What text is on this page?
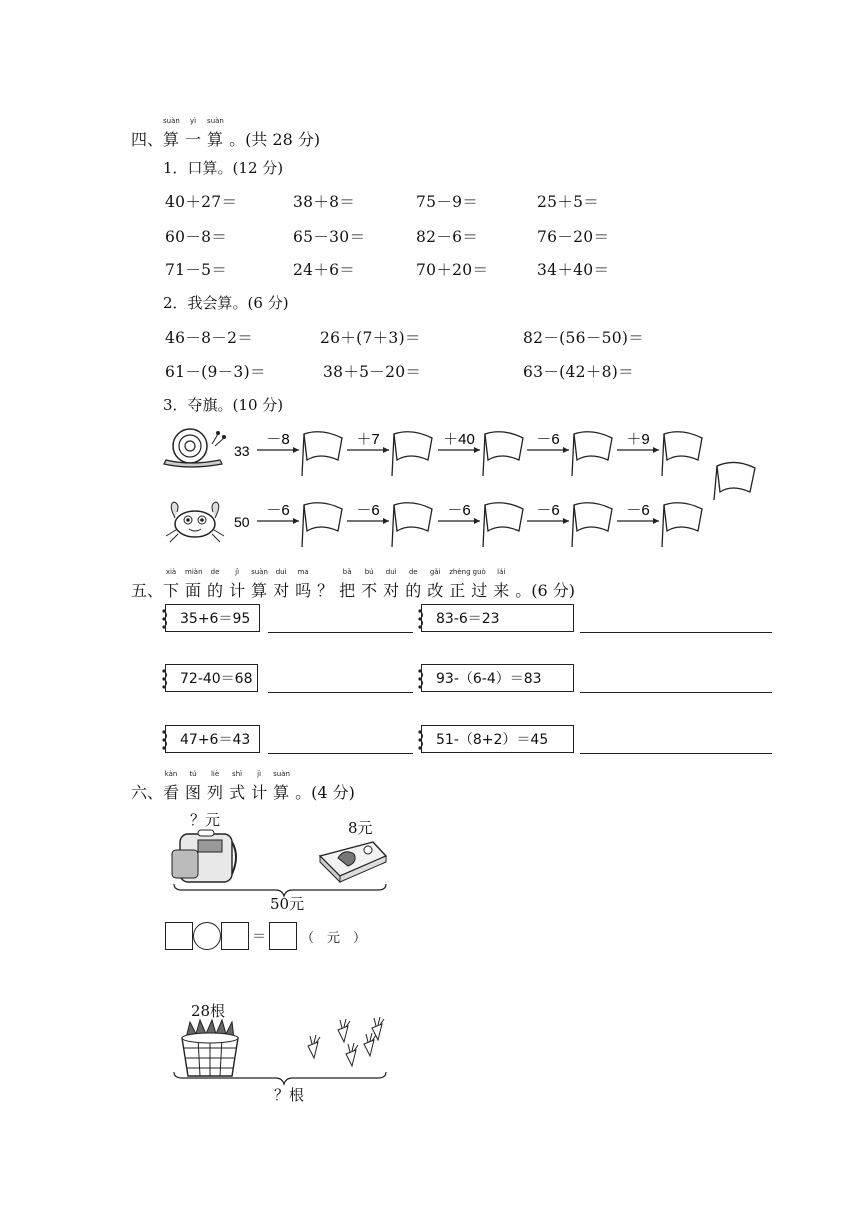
四、
suàn
算
yì
一
suàn
算 。(共 28 分)
1．口算。(12 分)
40＋27＝	38＋8＝	75－9＝	25＋5＝
60－8＝	65－30＝	82－6＝	76－20＝
71－5＝	24＋6＝	70＋20＝	34＋40＝
2．我会算。(6 分)
46－8－2＝	26＋(7＋3)＝	82－(56－50)＝
61－(9－3)＝	38＋5－20＝	63－(42＋8)＝
3．夺旗。(10 分)
33
－8	＋7	＋40	－6	＋9
50
－6	－6	－6	－6	－6
五、
xià
下
miàn
面
de
的
jì
计
suàn
算
duì
对
ma
吗 ？
bǎ
把
bú
不
duì
对
de
的
gǎi
改
zhèng
正
guò
过
lái
来 。(6 分)
35+6＝95	83-6＝23
72-40＝68	93-（6-4）＝83
47+6＝43	51-（8+2）＝45
六、
kàn
看
tú
图
liè
列
shì
式
jì
计
suàn
算 。(4 分)
？元	8元
50元
＝	（　元　）
28根
？根
